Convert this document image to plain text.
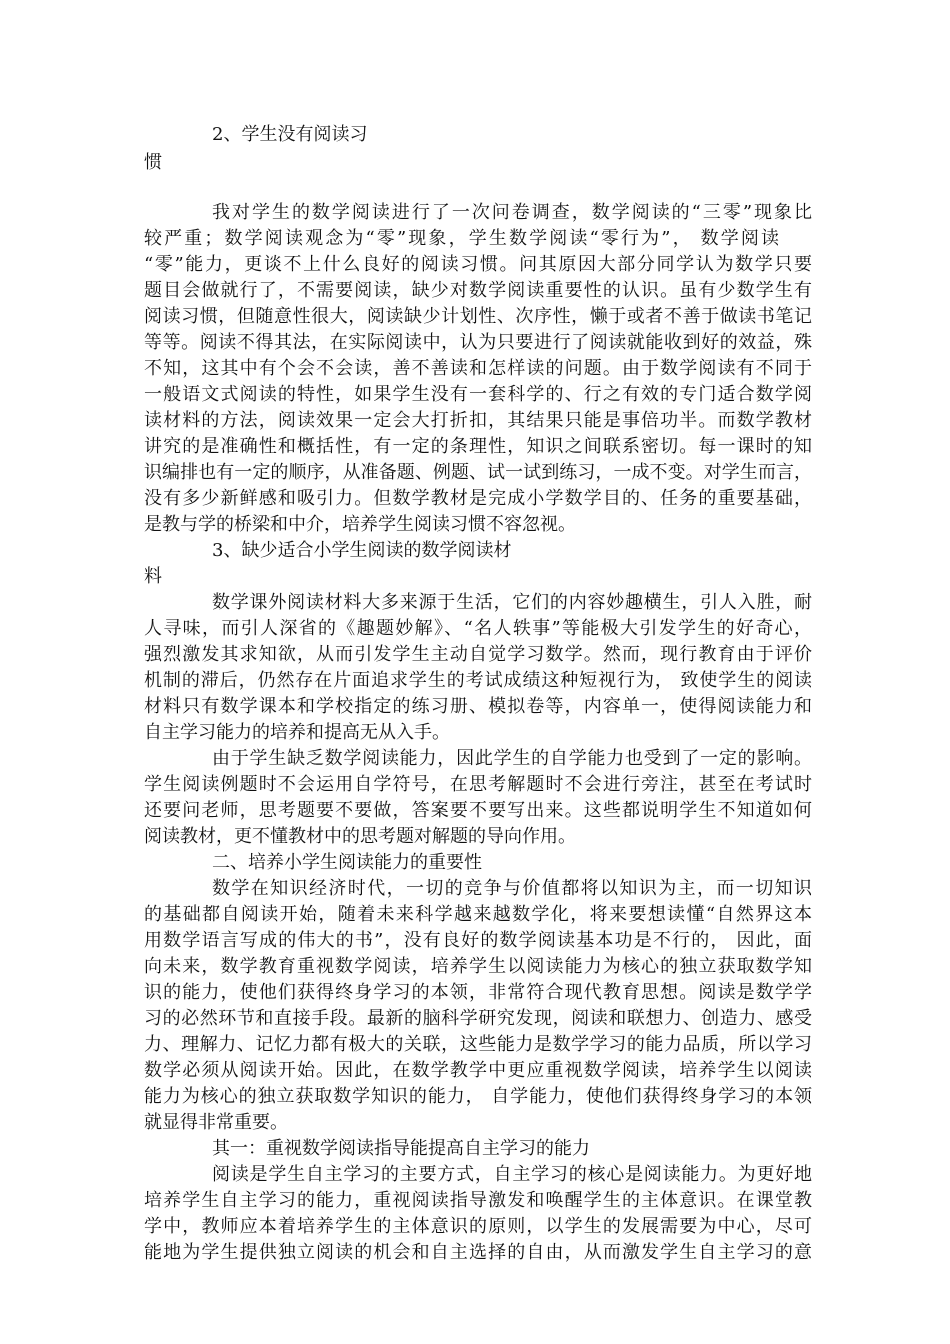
2、学生没有阅读习
惯
我对学生的数学阅读进行了一次问卷调查，数学阅读的“三零”现象比
较严重；数学阅读观念为“零”现象，学生数学阅读“零行为”， 数学阅读
“零”能力，更谈不上什么良好的阅读习惯。问其原因大部分同学认为数学只要
题目会做就行了，不需要阅读，缺少对数学阅读重要性的认识。虽有少数学生有
阅读习惯，但随意性很大，阅读缺少计划性、次序性，懒于或者不善于做读书笔记
等等。阅读不得其法，在实际阅读中，认为只要进行了阅读就能收到好的效益，殊
不知，这其中有个会不会读，善不善读和怎样读的问题。由于数学阅读有不同于
一般语文式阅读的特性，如果学生没有一套科学的、行之有效的专门适合数学阅
读材料的方法，阅读效果一定会大打折扣，其结果只能是事倍功半。而数学教材
讲究的是准确性和概括性，有一定的条理性，知识之间联系密切。每一课时的知
识编排也有一定的顺序，从准备题、例题、试一试到练习，一成不变。对学生而言，
没有多少新鲜感和吸引力。但数学教材是完成小学数学目的、任务的重要基础，
是教与学的桥梁和中介，培养学生阅读习惯不容忽视。
3、缺少适合小学生阅读的数学阅读材
料
数学课外阅读材料大多来源于生活，它们的内容妙趣横生，引人入胜，耐
人寻味，而引人深省的《趣题妙解》、“名人轶事”等能极大引发学生的好奇心，
强烈激发其求知欲，从而引发学生主动自觉学习数学。然而，现行教育由于评价
机制的滞后，仍然存在片面追求学生的考试成绩这种短视行为， 致使学生的阅读
材料只有数学课本和学校指定的练习册、模拟卷等，内容单一，使得阅读能力和
自主学习能力的培养和提高无从入手。
由于学生缺乏数学阅读能力，因此学生的自学能力也受到了一定的影响。
学生阅读例题时不会运用自学符号，在思考解题时不会进行旁注，甚至在考试时
还要问老师，思考题要不要做，答案要不要写出来。这些都说明学生不知道如何
阅读教材，更不懂教材中的思考题对解题的导向作用。
二、培养小学生阅读能力的重要性
数学在知识经济时代，一切的竞争与价值都将以知识为主，而一切知识
的基础都自阅读开始，随着未来科学越来越数学化，将来要想读懂“自然界这本
用数学语言写成的伟大的书”，没有良好的数学阅读基本功是不行的， 因此，面
向未来，数学教育重视数学阅读，培养学生以阅读能力为核心的独立获取数学知
识的能力，使他们获得终身学习的本领，非常符合现代教育思想。阅读是数学学
习的必然环节和直接手段。最新的脑科学研究发现，阅读和联想力、创造力、感受
力、理解力、记忆力都有极大的关联，这些能力是数学学习的能力品质，所以学习
数学必须从阅读开始。因此，在数学教学中更应重视数学阅读，培养学生以阅读
能力为核心的独立获取数学知识的能力， 自学能力，使他们获得终身学习的本领
就显得非常重要。
其一：重视数学阅读指导能提高自主学习的能力
阅读是学生自主学习的主要方式，自主学习的核心是阅读能力。为更好地
培养学生自主学习的能力，重视阅读指导激发和唤醒学生的主体意识。在课堂教
学中，教师应本着培养学生的主体意识的原则，以学生的发展需要为中心，尽可
能地为学生提供独立阅读的机会和自主选择的自由，从而激发学生自主学习的意
